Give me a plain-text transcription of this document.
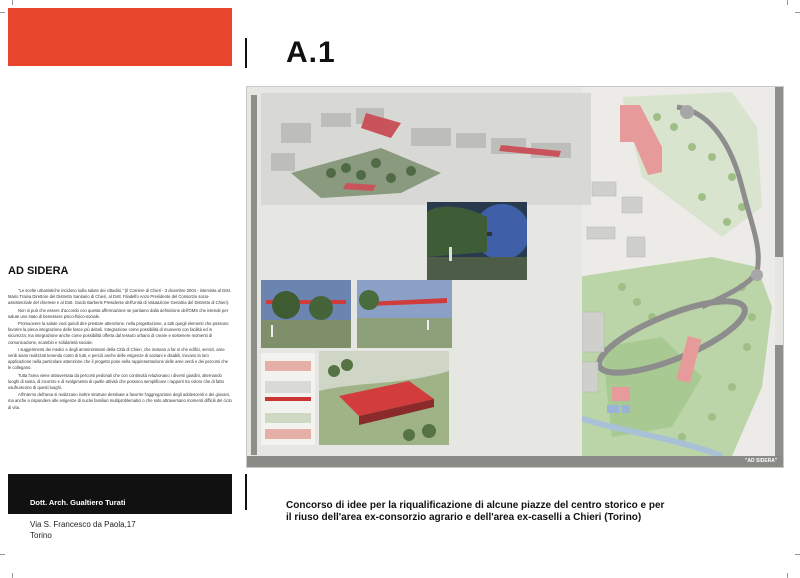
A.1
AD SIDERA

"Le scelte urbanistiche incidono sulla salute dei cittadini." (Il Corriere di Chieri - 3 dicembre 2004 - intervista al Dott. Mario Traina Direttore del Distretto Sanitario di Chieri, al Dott. Filadelfo Anzo Presidente del Consorzio socio-assistenziale del chierese e al Dott. Guido Barberis Presidente dell'Unità di Valutazione Geriatria del Distretto di Chieri).

Non si può che essere d'accordo con questa affermazione se partiamo dalla definizione dell'OMS che intende per salute uno stato di benessere psico-fisico-sociale.

Promuovere la salute vuol quindi dire prestare attenzione, nella progettazione, a tutti quegli elementi che possono favorire la piena integrazione delle fasce più deboli. Integrazione come possibilità di muoversi con facilità ed in sicurezza; ma integrazione anche come possibilità offerta dal tessuto urbano di creare e sostenere momenti di comunicazione, scambio e solidarietà sociale.

I suggerimenti dei medici e degli amministratori della Città di Chieri, che invitano a far si che edifici, servizi, aree verdi siano realizzati tenendo conto di tutti, e perciò anche delle esigenze di anziani e disabili, trovano la loro applicazione nella particolare attenzione che il progetto pone nella rappresentazione delle aree verdi e dei percorsi che le collegano.

Tutta l'area viene attraversata da percorsi pedonali che con continuità relazionano i diversi giardini, alternando luoghi di sosta, di incontro e di svolgimento di quelle attività che possono semplificare i rapporti tra coloro che di fatto usufruiscono di questi luoghi.

All'interno dell'area si realizzano inoltre strutture destinate a favorire l'aggregazione degli adolescenti e dei giovani, ma anche a rispondere alle esigenze di nuclei familiari multiproblematici o che solo attraversano momenti difficili del ciclo di vita.

Dott. Arch. Gualtiero Turati
Via S. Francesco da Paola,17
Torino
Concorso di idee per la riqualificazione di alcune piazze del centro storico e per il riuso dell'area ex-consorzio agrario e dell'area ex-caselli a Chieri (Torino)
"AD SIDERA"
